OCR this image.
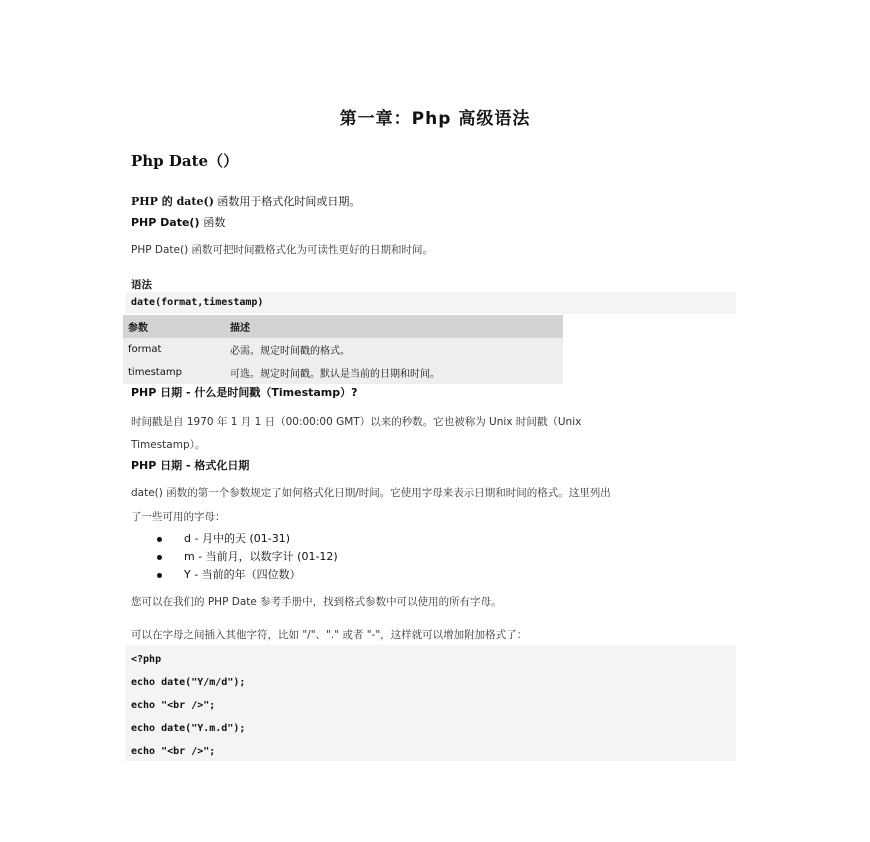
第一章：Php 高级语法
Php Date（）
PHP 的 date() 函数用于格式化时间或日期。
PHP Date() 函数
PHP Date() 函数可把时间戳格式化为可读性更好的日期和时间。
语法
date(format,timestamp)
参数	描述
format	必需。规定时间戳的格式。
timestamp	可选。规定时间戳。默认是当前的日期和时间。
PHP 日期 - 什么是时间戳（Timestamp）?
时间戳是自 1970 年 1 月 1 日（00:00:00 GMT）以来的秒数。它也被称为 Unix 时间戳（Unix
Timestamp）。
PHP 日期 - 格式化日期
date() 函数的第一个参数规定了如何格式化日期/时间。它使用字母来表示日期和时间的格式。这里列出
了一些可用的字母：
d - 月中的天 (01-31)
m - 当前月，以数字计 (01-12)
Y - 当前的年（四位数）
您可以在我们的 PHP Date 参考手册中，找到格式参数中可以使用的所有字母。
可以在字母之间插入其他字符，比如 "/"、"." 或者 "-"，这样就可以增加附加格式了：
<?php
echo date("Y/m/d");
echo "<br />";
echo date("Y.m.d");
echo "<br />";
